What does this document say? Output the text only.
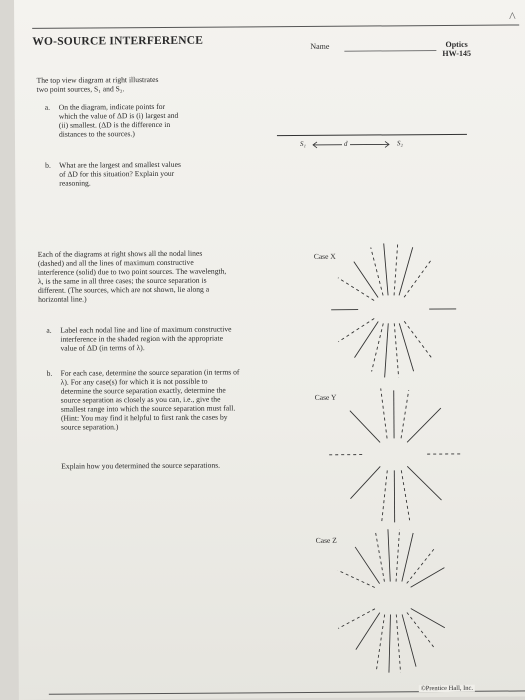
^
WO-SOURCE INTERFERENCE	Name	Optics
HW-145
The top view diagram at right illustrates
two point sources, S₁ and S₂.
a. On the diagram, indicate points for
which the value of ΔD is (i) largest and
(ii) smallest. (ΔD is the difference in
distances to the sources.)
S₁	d	S₂
b. What are the largest and smallest values
of ΔD for this situation? Explain your
reasoning.
Each of the diagrams at right shows all the nodal lines
(dashed) and all the lines of maximum constructive
interference (solid) due to two point sources. The wavelength,
λ, is the same in all three cases; the source separation is
different. (The sources, which are not shown, lie along a
horizontal line.)
a. Label each nodal line and line of maximum constructive
interference in the shaded region with the appropriate
value of ΔD (in terms of λ).
b. For each case, determine the source separation (in terms of
λ). For any case(s) for which it is not possible to
determine the source separation exactly, determine the
source separation as closely as you can, i.e., give the
smallest range into which the source separation must fall.
(Hint: You may find it helpful to first rank the cases by
source separation.)
Explain how you determined the source separations.
Case X
Case Y
Case Z
©Prentice Hall, Inc.
